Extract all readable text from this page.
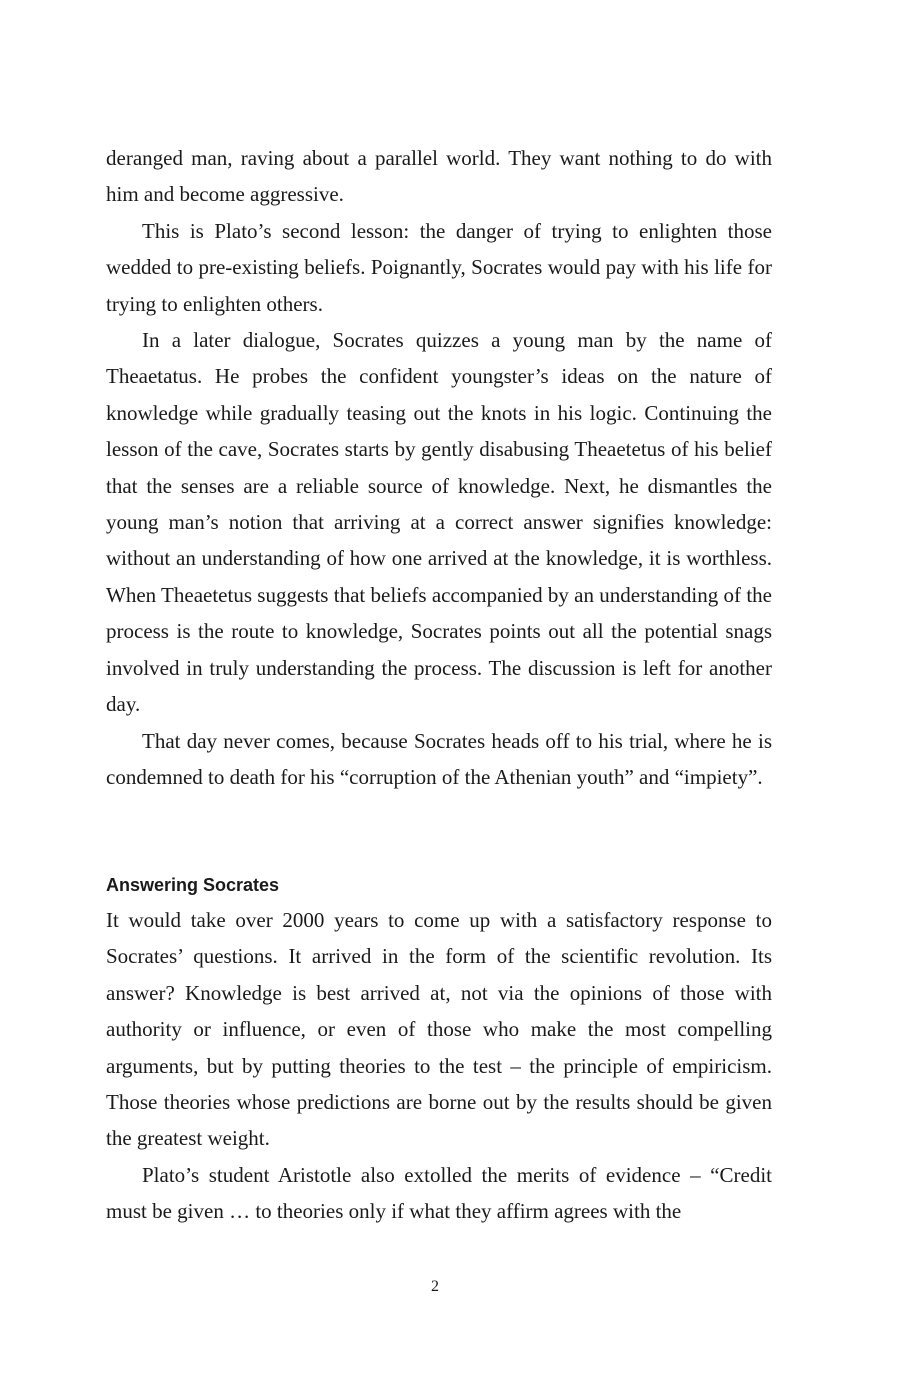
deranged man, raving about a parallel world. They want nothing to do with him and become aggressive.

This is Plato’s second lesson: the danger of trying to enlighten those wedded to pre-existing beliefs. Poignantly, Socrates would pay with his life for trying to enlighten others.

In a later dialogue, Socrates quizzes a young man by the name of Theaetatus. He probes the confident youngster’s ideas on the nature of knowledge while gradually teasing out the knots in his logic. Continuing the lesson of the cave, Socrates starts by gently disabusing Theaetetus of his belief that the senses are a reliable source of knowledge. Next, he dismantles the young man’s notion that arriving at a correct answer signifies knowledge: without an understanding of how one arrived at the knowledge, it is worthless. When Theaetetus suggests that beliefs accompanied by an understanding of the process is the route to knowledge, Socrates points out all the potential snags involved in truly understanding the process. The discussion is left for another day.

That day never comes, because Socrates heads off to his trial, where he is condemned to death for his “corruption of the Athenian youth” and “impiety”.

Answering Socrates

It would take over 2000 years to come up with a satisfactory response to Socrates’ questions. It arrived in the form of the scientific revolution. Its answer? Knowledge is best arrived at, not via the opinions of those with authority or influence, or even of those who make the most compelling arguments, but by putting theories to the test – the principle of empiricism. Those theories whose predictions are borne out by the results should be given the greatest weight.

Plato’s student Aristotle also extolled the merits of evidence – “Credit must be given … to theories only if what they affirm agrees with the

2
